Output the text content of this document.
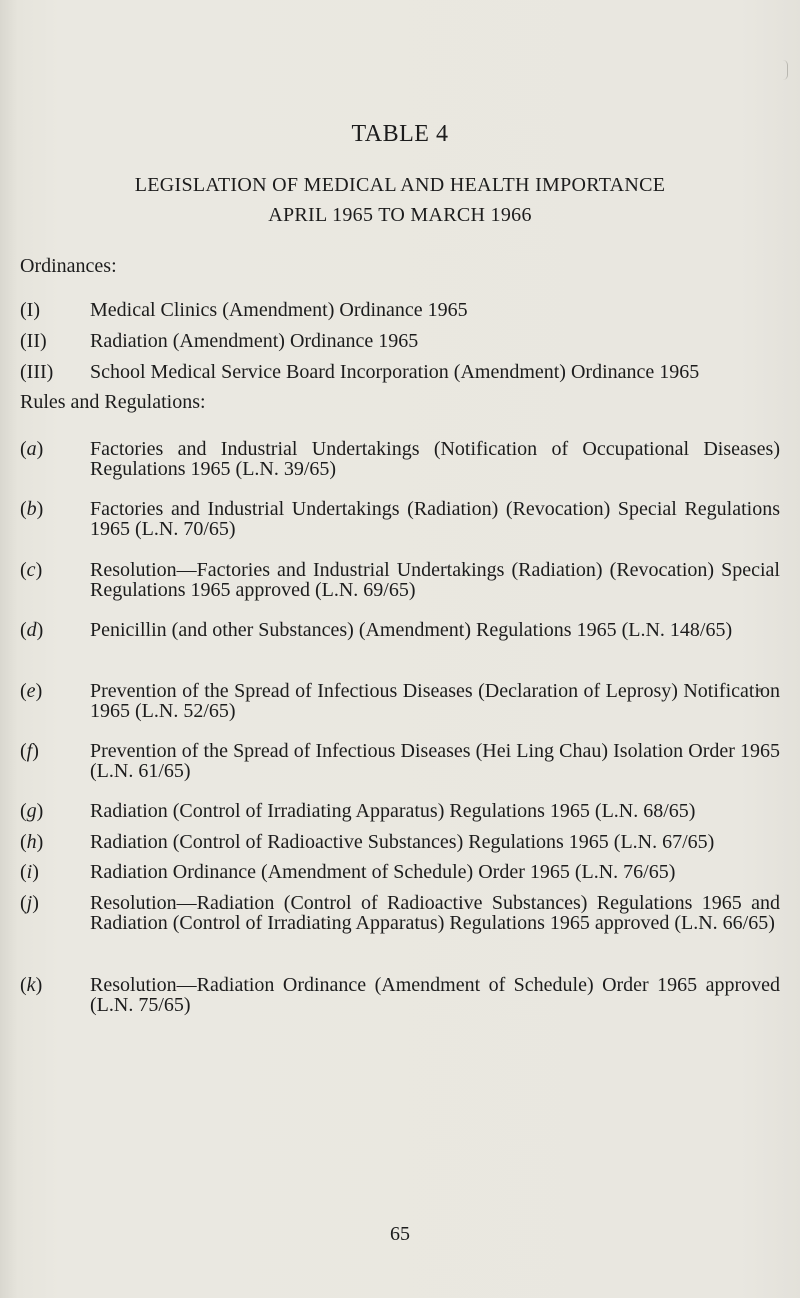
TABLE 4
LEGISLATION OF MEDICAL AND HEALTH IMPORTANCE
APRIL 1965 TO MARCH 1966
Ordinances:
(I)	Medical Clinics (Amendment) Ordinance 1965
(II)	Radiation (Amendment) Ordinance 1965
(III)	School Medical Service Board Incorporation (Amendment) Ordinance 1965
Rules and Regulations:
(a)	Factories and Industrial Undertakings (Notification of Occupational Diseases) Regulations 1965 (L.N. 39/65)
(b)	Factories and Industrial Undertakings (Radiation) (Revocation) Special Regulations 1965 (L.N. 70/65)
(c)	Resolution—Factories and Industrial Undertakings (Radiation) (Revocation) Special Regulations 1965 approved (L.N. 69/65)
(d)	Penicillin (and other Substances) (Amendment) Regulations 1965 (L.N. 148/65)
(e)	Prevention of the Spread of Infectious Diseases (Declaration of Leprosy) Notification 1965 (L.N. 52/65)
(f)	Prevention of the Spread of Infectious Diseases (Hei Ling Chau) Isolation Order 1965 (L.N. 61/65)
(g)	Radiation (Control of Irradiating Apparatus) Regulations 1965 (L.N. 68/65)
(h)	Radiation (Control of Radioactive Substances) Regulations 1965 (L.N. 67/65)
(i)	Radiation Ordinance (Amendment of Schedule) Order 1965 (L.N. 76/65)
(j)	Resolution—Radiation (Control of Radioactive Substances) Regulations 1965 and Radiation (Control of Irradiating Apparatus) Regulations 1965 approved (L.N. 66/65)
(k)	Resolution—Radiation Ordinance (Amendment of Schedule) Order 1965 approved (L.N. 75/65)
65
